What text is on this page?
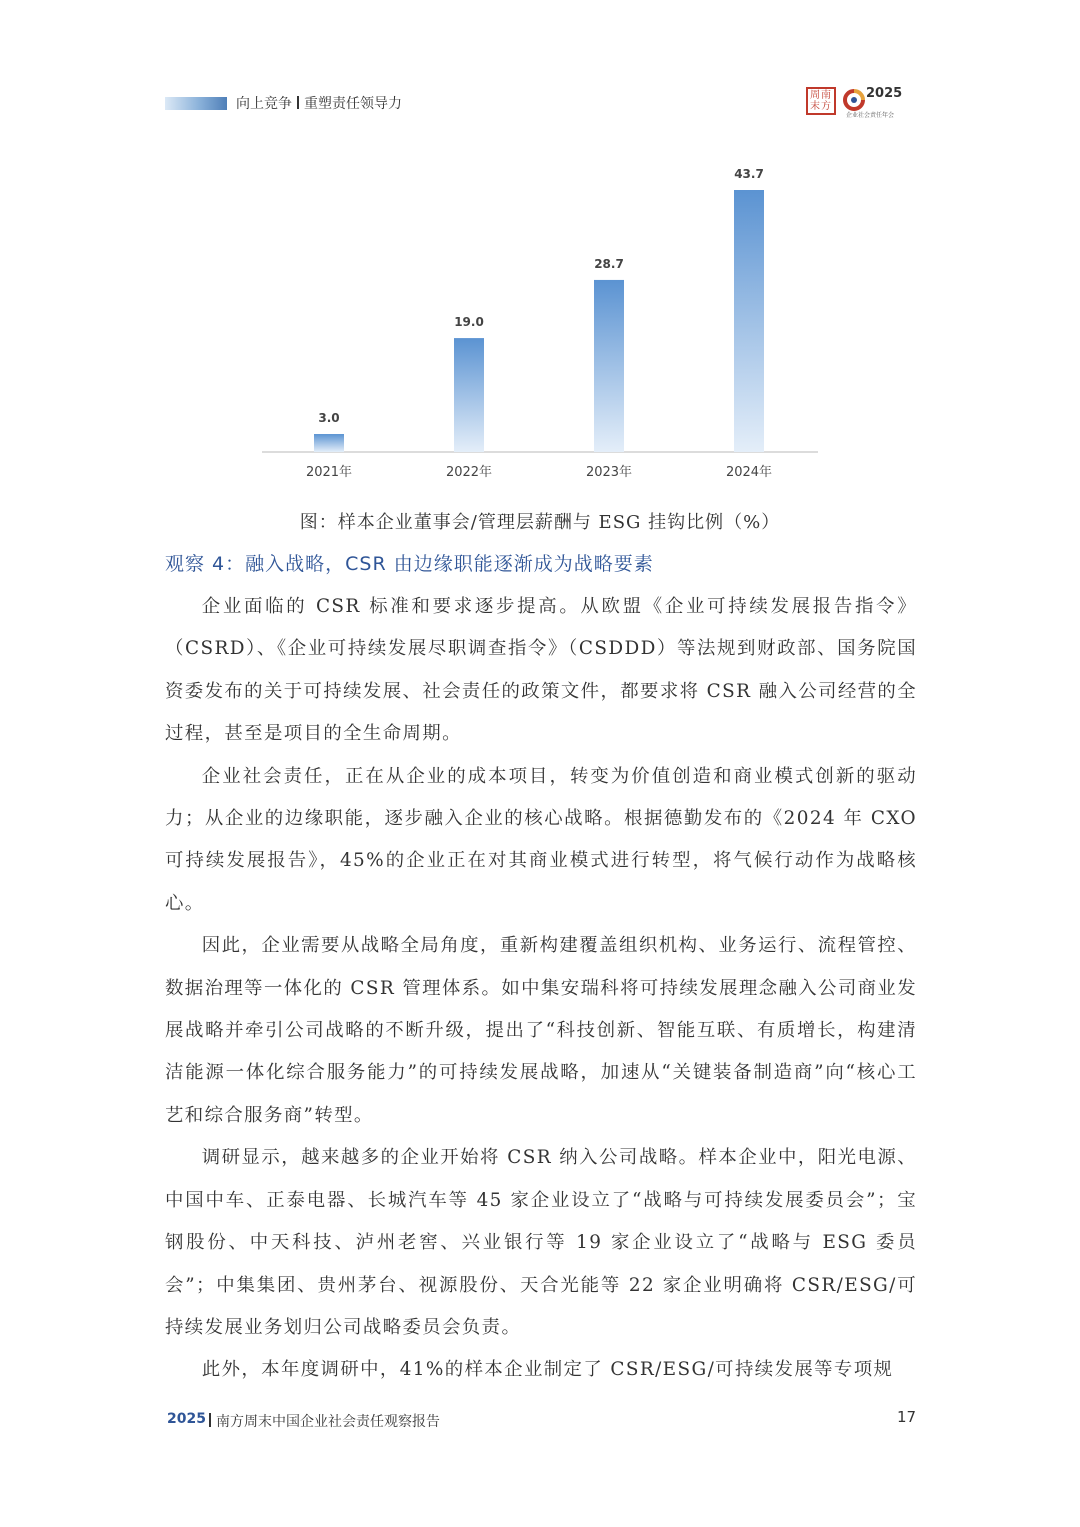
向上竞争 重塑责任领导力
周南
末方
2025
企业社会责任年会
3.0
2021年
19.0
2022年
28.7
2023年
43.7
2024年
图：样本企业董事会/管理层薪酬与 ESG 挂钩比例（%）
观察 4：融入战略，CSR 由边缘职能逐渐成为战略要素

企业面临的 CSR 标准和要求逐步提高。从欧盟《企业可持续发展报告指令》（CSRD）、《企业可持续发展尽职调查指令》（CSDDD）等法规到财政部、国务院国资委发布的关于可持续发展、社会责任的政策文件，都要求将 CSR 融入公司经营的全过程，甚至是项目的全生命周期。

企业社会责任，正在从企业的成本项目，转变为价值创造和商业模式创新的驱动力；从企业的边缘职能，逐步融入企业的核心战略。根据德勤发布的《2024 年 CXO 可持续发展报告》，45%的企业正在对其商业模式进行转型，将气候行动作为战略核心。

因此，企业需要从战略全局角度，重新构建覆盖组织机构、业务运行、流程管控、数据治理等一体化的 CSR 管理体系。如中集安瑞科将可持续发展理念融入公司商业发展战略并牵引公司战略的不断升级，提出了“科技创新、智能互联、有质增长，构建清洁能源一体化综合服务能力”的可持续发展战略，加速从“关键装备制造商”向“核心工艺和综合服务商”转型。

调研显示，越来越多的企业开始将 CSR 纳入公司战略。样本企业中，阳光电源、中国中车、正泰电器、长城汽车等 45 家企业设立了“战略与可持续发展委员会”；宝钢股份、中天科技、泸州老窖、兴业银行等 19 家企业设立了“战略与 ESG 委员会”；中集集团、贵州茅台、视源股份、天合光能等 22 家企业明确将 CSR/ESG/可持续发展业务划归公司战略委员会负责。

此外，本年度调研中，41%的样本企业制定了 CSR/ESG/可持续发展等专项规

2025 南方周末中国企业社会责任观察报告	17
